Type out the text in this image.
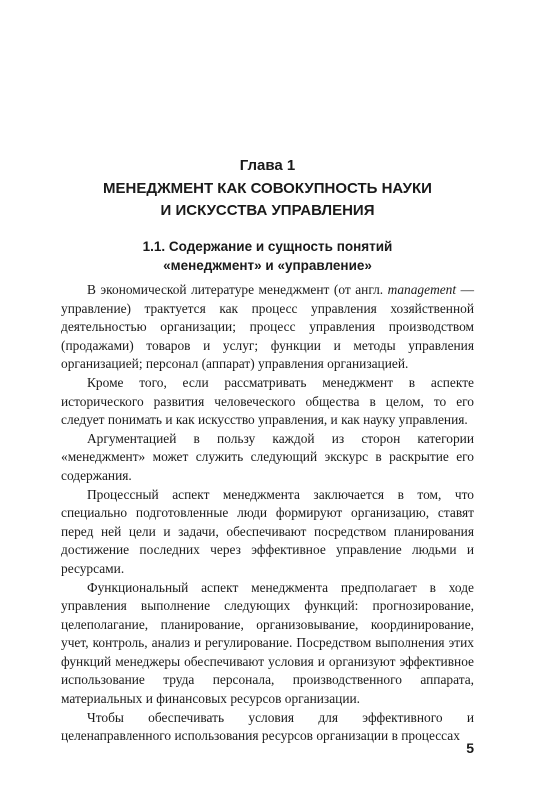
Глава 1
МЕНЕДЖМЕНТ КАК СОВОКУПНОСТЬ НАУКИ
И ИСКУССТВА УПРАВЛЕНИЯ
1.1. Содержание и сущность понятий
«менеджмент» и «управление»

В экономической литературе менеджмент (от англ. management — управление) трактуется как процесс управления хозяйственной деятельностью организации; процесс управления производством (продажами) товаров и услуг; функции и методы управления организацией; персонал (аппарат) управления организацией.

Кроме того, если рассматривать менеджмент в аспекте исторического развития человеческого общества в целом, то его следует понимать и как искусство управления, и как науку управления.

Аргументацией в пользу каждой из сторон категории «менеджмент» может служить следующий экскурс в раскрытие его содержания.

Процессный аспект менеджмента заключается в том, что специально подготовленные люди формируют организацию, ставят перед ней цели и задачи, обеспечивают посредством планирования достижение последних через эффективное управление людьми и ресурсами.

Функциональный аспект менеджмента предполагает в ходе управления выполнение следующих функций: прогнозирование, целеполагание, планирование, организовывание, координирование, учет, контроль, анализ и регулирование. Посредством выполнения этих функций менеджеры обеспечивают условия и организуют эффективное использование труда персонала, производственного аппарата, материальных и финансовых ресурсов организации.

Чтобы обеспечивать условия для эффективного и целенаправленного использования ресурсов организации в процессах

5
